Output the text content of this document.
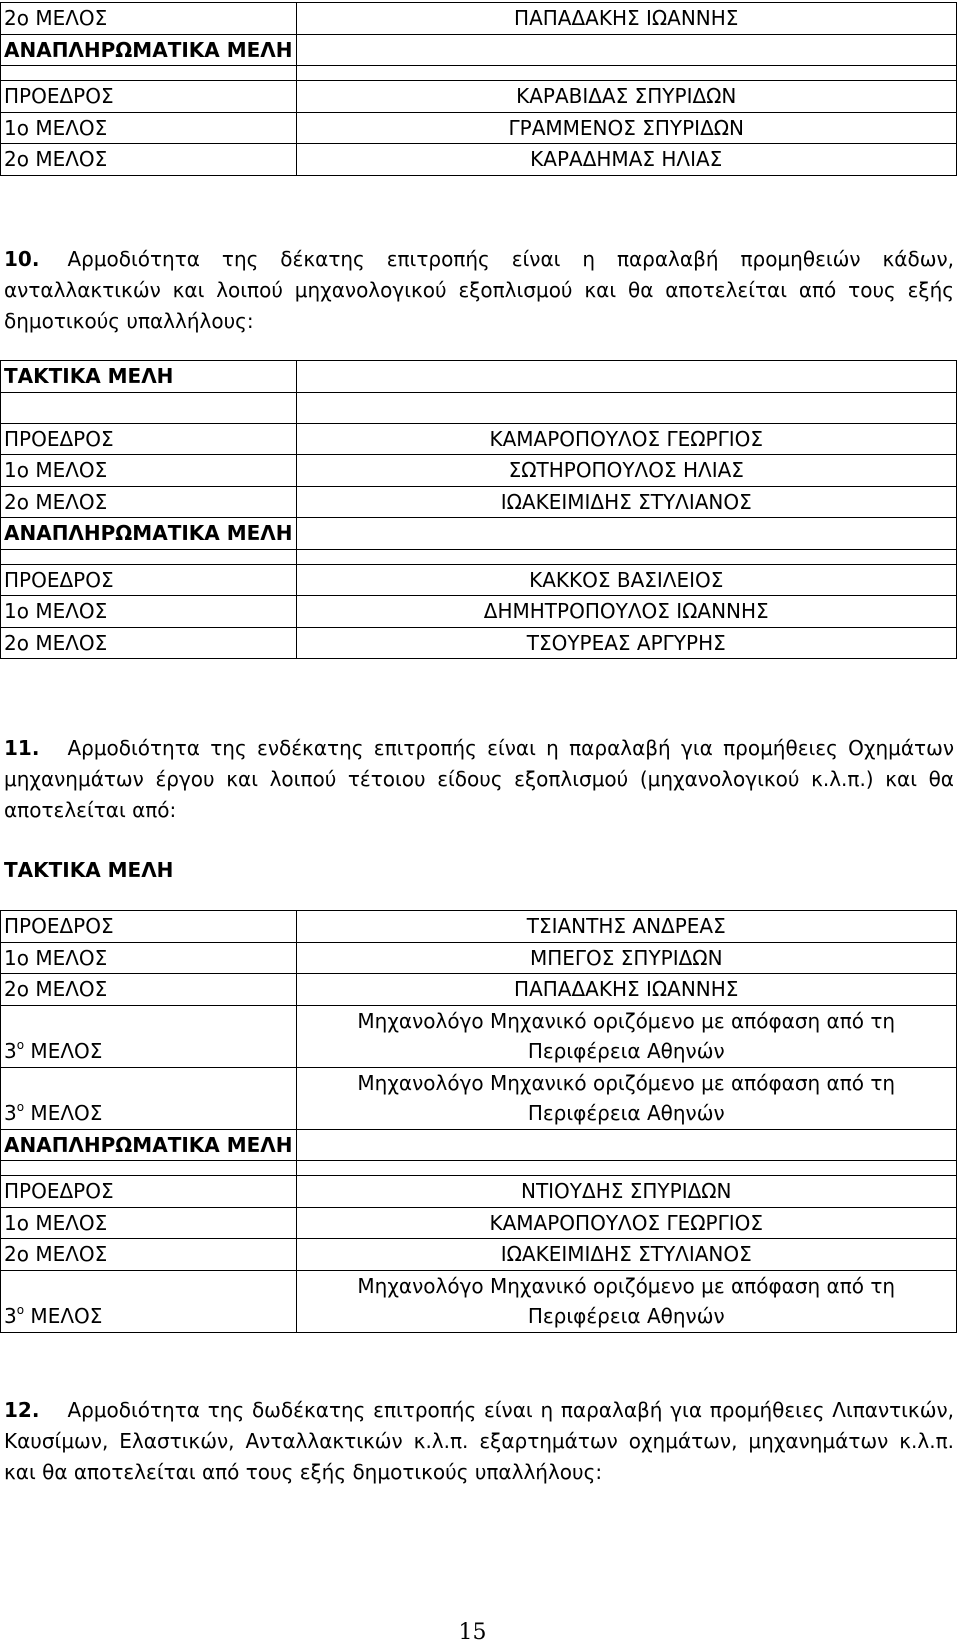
2ο ΜΕΛΟΣ	ΠΑΠΑΔΑΚΗΣ ΙΩΑΝΝΗΣ
ΑΝΑΠΛΗΡΩΜΑΤΙΚΑ ΜΕΛΗ	

ΠΡΟΕΔΡΟΣ	ΚΑΡΑΒΙΔΑΣ ΣΠΥΡΙΔΩΝ
1ο ΜΕΛΟΣ	ΓΡΑΜΜΕΝΟΣ ΣΠΥΡΙΔΩΝ
2ο ΜΕΛΟΣ	ΚΑΡΑΔΗΜΑΣ ΗΛΙΑΣ
10. Αρμοδιότητα της δέκατης επιτροπής είναι η παραλαβή προμηθειών κάδων, ανταλλακτικών και λοιπού μηχανολογικού εξοπλισμού και θα αποτελείται από τους εξής δημοτικούς υπαλλήλους:
ΤΑΚΤΙΚΑ ΜΕΛΗ	

ΠΡΟΕΔΡΟΣ	ΚΑΜΑΡΟΠΟΥΛΟΣ ΓΕΩΡΓΙΟΣ
1ο ΜΕΛΟΣ	ΣΩΤΗΡΟΠΟΥΛΟΣ ΗΛΙΑΣ
2ο ΜΕΛΟΣ	ΙΩΑΚΕΙΜΙΔΗΣ ΣΤΥΛΙΑΝΟΣ
ΑΝΑΠΛΗΡΩΜΑΤΙΚΑ ΜΕΛΗ	

ΠΡΟΕΔΡΟΣ	ΚΑΚΚΟΣ ΒΑΣΙΛΕΙΟΣ
1ο ΜΕΛΟΣ	ΔΗΜΗΤΡΟΠΟΥΛΟΣ ΙΩΑΝΝΗΣ
2ο ΜΕΛΟΣ	ΤΣΟΥΡΕΑΣ ΑΡΓΥΡΗΣ
11. Αρμοδιότητα της ενδέκατης επιτροπής είναι η παραλαβή για προμήθειες Οχημάτων μηχανημάτων έργου και λοιπού τέτοιου είδους εξοπλισμού (μηχανολογικού κ.λ.π.) και θα αποτελείται από:
ΤΑΚΤΙΚΑ ΜΕΛΗ
ΠΡΟΕΔΡΟΣ	ΤΣΙΑΝΤΗΣ ΑΝΔΡΕΑΣ
1ο ΜΕΛΟΣ	ΜΠΕΓΟΣ ΣΠΥΡΙΔΩΝ
2ο ΜΕΛΟΣ	ΠΑΠΑΔΑΚΗΣ ΙΩΑΝΝΗΣ
$3^o$ ΜΕΛΟΣ	Μηχανολόγο Μηχανικό οριζόμενο με απόφαση από τη Περιφέρεια Αθηνών
$3^o$ ΜΕΛΟΣ	Μηχανολόγο Μηχανικό οριζόμενο με απόφαση από τη Περιφέρεια Αθηνών
ΑΝΑΠΛΗΡΩΜΑΤΙΚΑ ΜΕΛΗ	

ΠΡΟΕΔΡΟΣ	ΝΤΙΟΥΔΗΣ ΣΠΥΡΙΔΩΝ
1ο ΜΕΛΟΣ	ΚΑΜΑΡΟΠΟΥΛΟΣ ΓΕΩΡΓΙΟΣ
2ο ΜΕΛΟΣ	ΙΩΑΚΕΙΜΙΔΗΣ ΣΤΥΛΙΑΝΟΣ
$3^o$ ΜΕΛΟΣ	Μηχανολόγο Μηχανικό οριζόμενο με απόφαση από τη Περιφέρεια Αθηνών
12. Αρμοδιότητα της δωδέκατης επιτροπής είναι η παραλαβή για προμήθειες Λιπαντικών, Καυσίμων, Ελαστικών, Ανταλλακτικών κ.λ.π. εξαρτημάτων οχημάτων, μηχανημάτων κ.λ.π. και θα αποτελείται από τους εξής δημοτικούς υπαλλήλους:
15
